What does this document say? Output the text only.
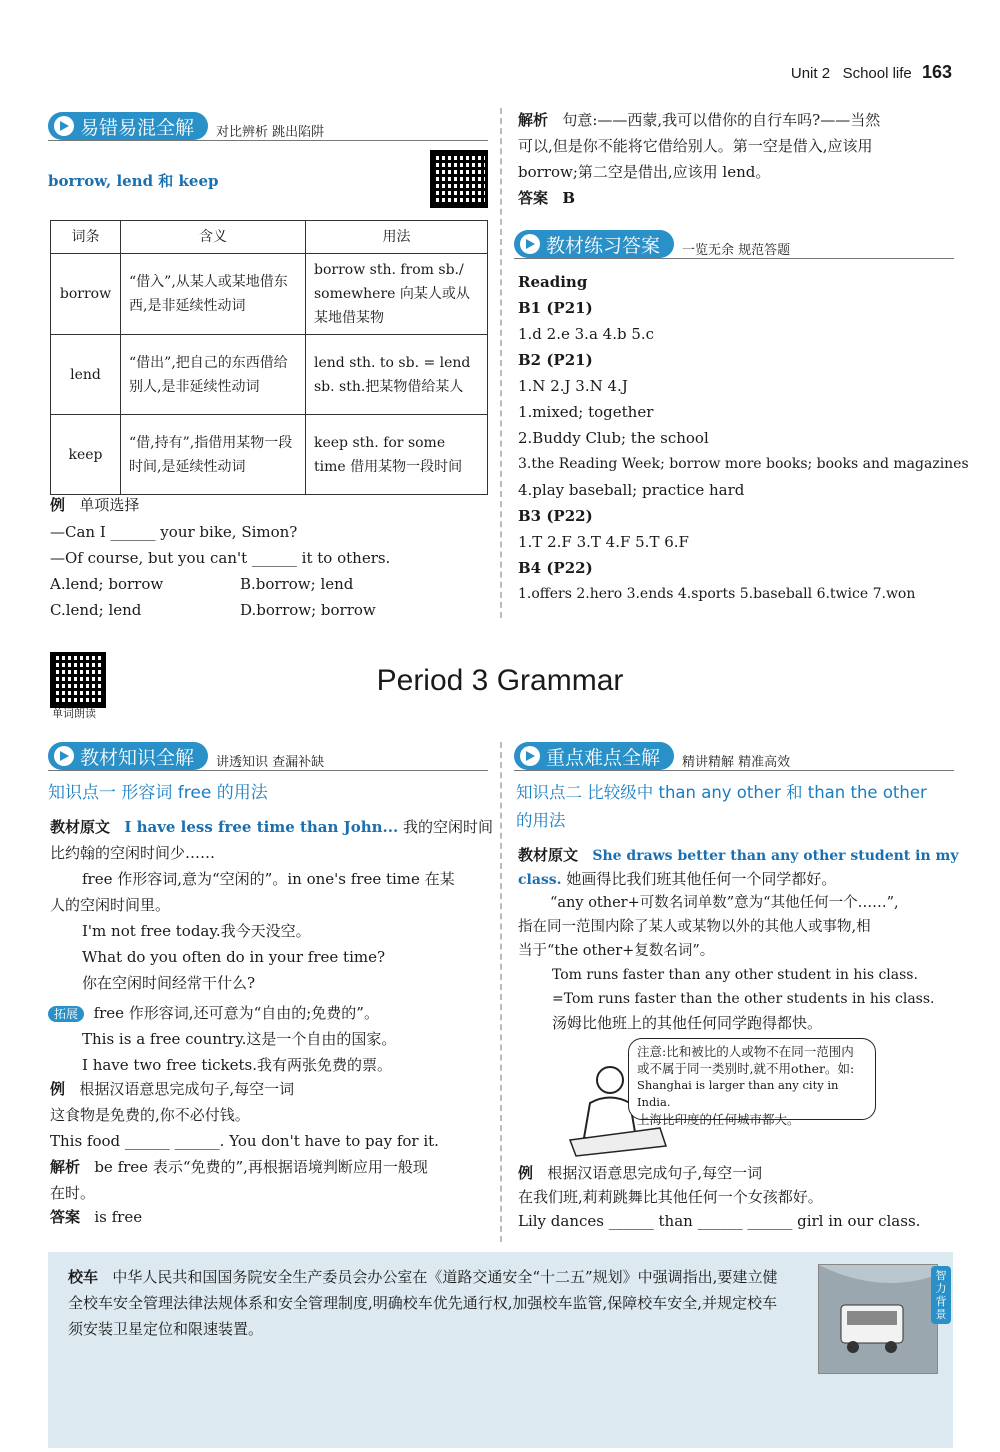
Unit 2 School life 163
易错易混全解 对比辨析 跳出陷阱
borrow, lend 和 keep
词条	含义	用法
borrow	“借入”,从某人或某地借东西,是非延续性动词	borrow sth. from sb./ somewhere 向某人或从某地借某物
lend	“借出”,把自己的东西借给别人,是非延续性动词	lend sth. to sb. = lend sb. sth.把某物借给某人
keep	“借,持有”,指借用某物一段时间,是延续性动词	keep sth. for some time 借用某物一段时间
例 单项选择
—Can I ______ your bike, Simon?
—Of course, but you can't ______ it to others.
A.lend; borrow	B.borrow; lend
C.lend; lend	D.borrow; borrow
解析 句意:——西蒙,我可以借你的自行车吗?——当然
可以,但是你不能将它借给别人。第一空是借入,应该用
borrow;第二空是借出,应该用 lend。
答案 B
教材练习答案 一览无余 规范答题
Reading
B1 (P21)
1.d 2.e 3.a 4.b 5.c
B2 (P21)
1.N 2.J 3.N 4.J
1.mixed; together
2.Buddy Club; the school
3.the Reading Week; borrow more books; books and magazines
4.play baseball; practice hard
B3 (P22)
1.T 2.F 3.T 4.F 5.T 6.F
B4 (P22)
1.offers 2.hero 3.ends 4.sports 5.baseball 6.twice 7.won
单词朗读
Period 3 Grammar
教材知识全解 讲透知识 查漏补缺
知识点一 形容词 free 的用法
教材原文 I have less free time than John... 我的空闲时间
比约翰的空闲时间少……
free 作形容词,意为“空闲的”。in one's free time 在某
人的空闲时间里。
I'm not free today.我今天没空。
What do you often do in your free time?
你在空闲时间经常干什么?
拓展 free 作形容词,还可意为“自由的;免费的”。
This is a free country.这是一个自由的国家。
I have two free tickets.我有两张免费的票。
例 根据汉语意思完成句子,每空一词
这食物是免费的,你不必付钱。
This food ______ ______. You don't have to pay for it.
解析 be free 表示“免费的”,再根据语境判断应用一般现
在时。
答案 is free
重点难点全解 精讲精解 精准高效
知识点二 比较级中 than any other 和 than the other
的用法
教材原文 She draws better than any other student in my
class. 她画得比我们班其他任何一个同学都好。
“any other+可数名词单数”意为“其他任何一个……”,
指在同一范围内除了某人或某物以外的其他人或事物,相
当于“the other+复数名词”。
Tom runs faster than any other student in his class.
=Tom runs faster than the other students in his class.
汤姆比他班上的其他任何同学跑得都快。
注意:比和被比的人或物不在同一范围内
或不属于同一类别时,就不用other。如:
Shanghai is larger than any city in India.
上海比印度的任何城市都大。
例 根据汉语意思完成句子,每空一词
在我们班,莉莉跳舞比其他任何一个女孩都好。
Lily dances ______ than ______ ______ girl in our class.
校车 中华人民共和国国务院安全生产委员会办公室在《道路交通安全“十二五”规划》中强调指出,要建立健全校车安全管理法律法规体系和安全管理制度,明确校车优先通行权,加强校车监管,保障校车安全,并规定校车须安装卫星定位和限速装置。
智力背景
